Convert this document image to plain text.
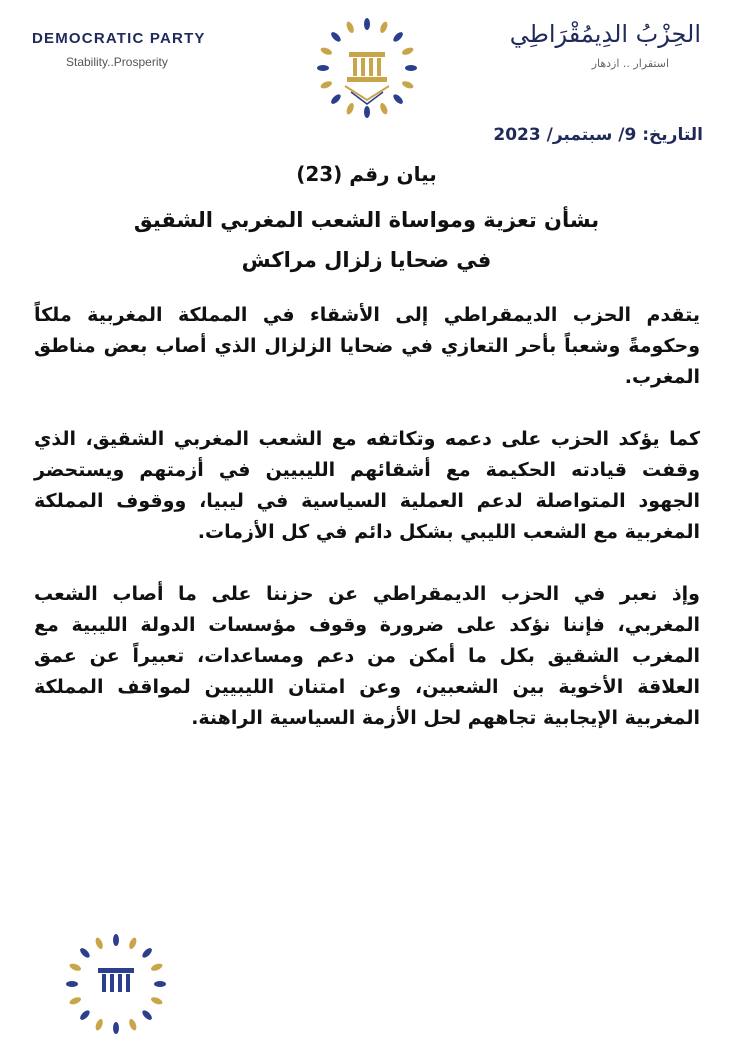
DEMOCRATIC PARTY
Stability..Prosperity
الحِزْبُ الدِيمُقْرَاطِي
استقرار .. ازدهار
التاريخ: 9/ سبتمبر/ 2023
بيان رقم (23)
بشأن تعزية ومواساة الشعب المغربي الشقيق
في ضحايا زلزال مراكش

يتقدم الحزب الديمقراطي إلى الأشقاء في المملكة المغربية ملكاً وحكومةً وشعباً بأحر التعازي في ضحايا الزلزال الذي أصاب بعض مناطق المغرب.

كما يؤكد الحزب على دعمه وتكاتفه مع الشعب المغربي الشقيق، الذي وقفت قيادته الحكيمة مع أشقائهم الليبيين في أزمتهم ويستحضر الجهود المتواصلة لدعم العملية السياسية في ليبيا، ووقوف المملكة المغربية مع الشعب الليبي بشكل دائم في كل الأزمات.

وإذ نعبر في الحزب الديمقراطي عن حزننا على ما أصاب الشعب المغربي، فإننا نؤكد على ضرورة وقوف مؤسسات الدولة الليبية مع المغرب الشقيق بكل ما أمكن من دعم ومساعدات، تعبيراً عن عمق العلاقة الأخوية بين الشعبين، وعن امتنان الليبيين لمواقف المملكة المغربية الإيجابية تجاههم لحل الأزمة السياسية الراهنة.
